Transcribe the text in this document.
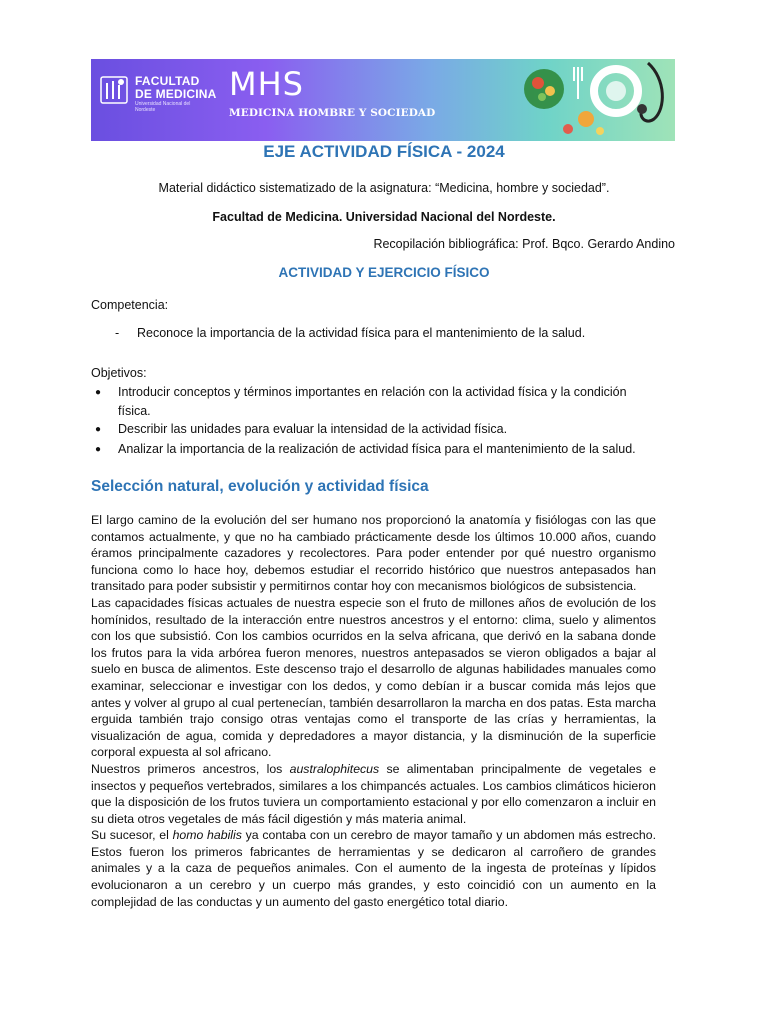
FACULTAD
DE MEDICINA
Universidad Nacional del Nordeste
MHS
MEDICINA HOMBRE Y SOCIEDAD
EJE ACTIVIDAD FÍSICA - 2024
Material didáctico sistematizado de la asignatura: “Medicina, hombre y sociedad”.
Facultad de Medicina. Universidad Nacional del Nordeste.
Recopilación bibliográfica: Prof. Bqco. Gerardo Andino
ACTIVIDAD Y EJERCICIO FÍSICO
Competencia:
- Reconoce la importancia de la actividad física para el mantenimiento de la salud.
Objetivos:
●	Introducir conceptos y términos importantes en relación con la actividad física y la condición física.
●	Describir las unidades para evaluar la intensidad de la actividad física.
●	Analizar la importancia de la realización de actividad física para el mantenimiento de la salud.
Selección natural, evolución y actividad física

El largo camino de la evolución del ser humano nos proporcionó la anatomía y fisiólogas con las que contamos actualmente, y que no ha cambiado prácticamente desde los últimos 10.000 años, cuando éramos principalmente cazadores y recolectores. Para poder entender por qué nuestro organismo funciona como lo hace hoy, debemos estudiar el recorrido histórico que nuestros antepasados han transitado para poder subsistir y permitirnos contar hoy con mecanismos biológicos de subsistencia.

Las capacidades físicas actuales de nuestra especie son el fruto de millones años de evolución de los homínidos, resultado de la interacción entre nuestros ancestros y el entorno: clima, suelo y alimentos con los que subsistió. Con los cambios ocurridos en la selva africana, que derivó en la sabana donde los frutos para la vida arbórea fueron menores, nuestros antepasados se vieron obligados a bajar al suelo en busca de alimentos. Este descenso trajo el desarrollo de algunas habilidades manuales como examinar, seleccionar e investigar con los dedos, y como debían ir a buscar comida más lejos que antes y volver al grupo al cual pertenecían, también desarrollaron la marcha en dos patas. Esta marcha erguida también trajo consigo otras ventajas como el transporte de las crías y herramientas, la visualización de agua, comida y depredadores a mayor distancia, y la disminución de la superficie corporal expuesta al sol africano.

Nuestros primeros ancestros, los australophitecus se alimentaban principalmente de vegetales e insectos y pequeños vertebrados, similares a los chimpancés actuales. Los cambios climáticos hicieron que la disposición de los frutos tuviera un comportamiento estacional y por ello comenzaron a incluir en su dieta otros vegetales de más fácil digestión y más materia animal.

Su sucesor, el homo habilis ya contaba con un cerebro de mayor tamaño y un abdomen más estrecho. Estos fueron los primeros fabricantes de herramientas y se dedicaron al carroñero de grandes animales y a la caza de pequeños animales. Con el aumento de la ingesta de proteínas y lípidos evolucionaron a un cerebro y un cuerpo más grandes, y esto coincidió con un aumento en la complejidad de las conductas y un aumento del gasto energético total diario.
